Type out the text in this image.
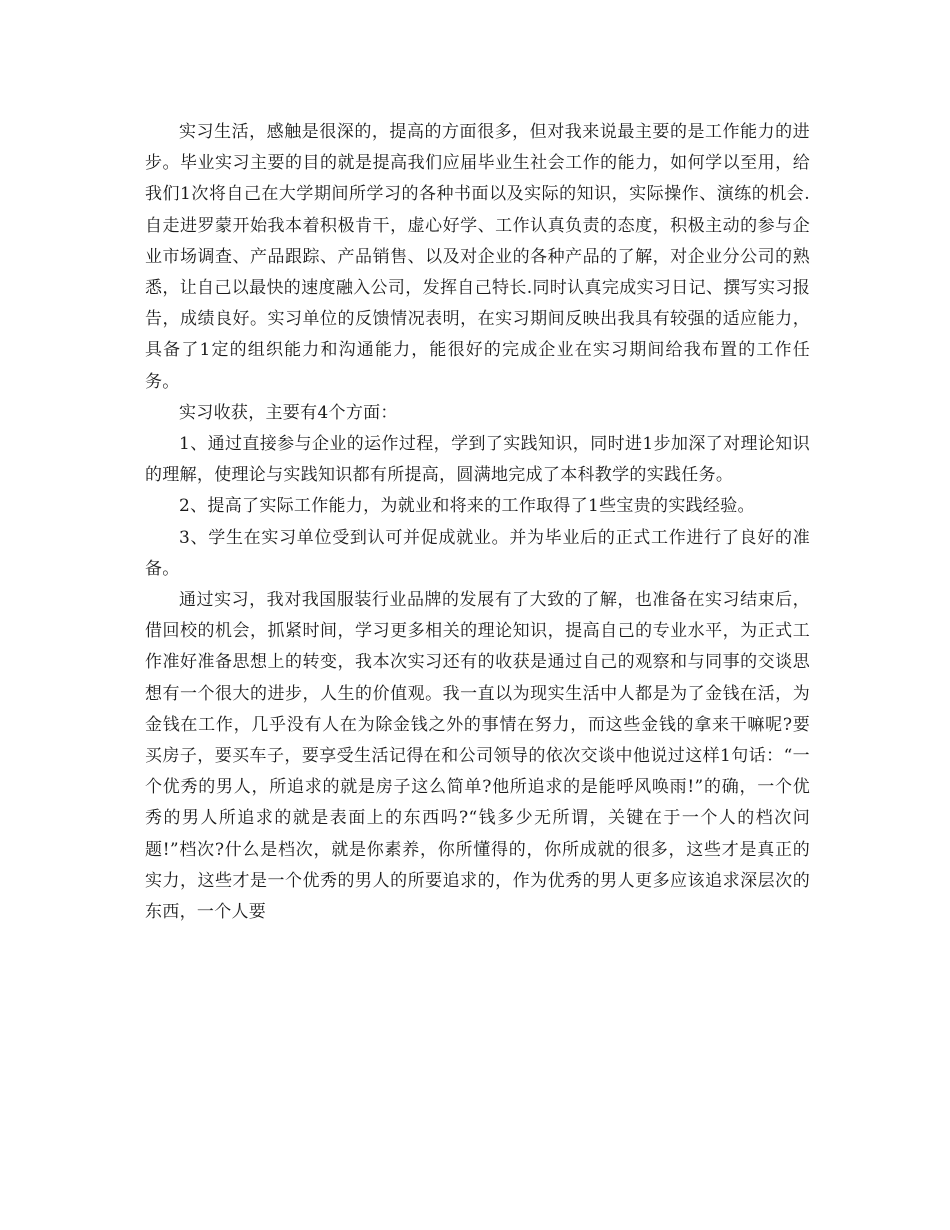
实习生活，感触是很深的，提高的方面很多，但对我来说最主要的是工作能力的进步。毕业实习主要的目的就是提高我们应届毕业生社会工作的能力，如何学以至用，给我们1次将自己在大学期间所学习的各种书面以及实际的知识，实际操作、演练的机会.自走进罗蒙开始我本着积极肯干，虚心好学、工作认真负责的态度，积极主动的参与企业市场调查、产品跟踪、产品销售、以及对企业的各种产品的了解，对企业分公司的熟悉，让自己以最快的速度融入公司，发挥自己特长.同时认真完成实习日记、撰写实习报告，成绩良好。实习单位的反馈情况表明，在实习期间反映出我具有较强的适应能力，具备了1定的组织能力和沟通能力，能很好的完成企业在实习期间给我布置的工作任务。

实习收获，主要有4个方面：

1、通过直接参与企业的运作过程，学到了实践知识，同时进1步加深了对理论知识的理解，使理论与实践知识都有所提高，圆满地完成了本科教学的实践任务。

2、提高了实际工作能力，为就业和将来的工作取得了1些宝贵的实践经验。

3、学生在实习单位受到认可并促成就业。并为毕业后的正式工作进行了良好的准备。

通过实习，我对我国服装行业品牌的发展有了大致的了解，也准备在实习结束后，借回校的机会，抓紧时间，学习更多相关的理论知识，提高自己的专业水平，为正式工作准好准备思想上的转变，我本次实习还有的收获是通过自己的观察和与同事的交谈思想有一个很大的进步，人生的价值观。我一直以为现实生活中人都是为了金钱在活，为金钱在工作，几乎没有人在为除金钱之外的事情在努力，而这些金钱的拿来干嘛呢?要买房子，要买车子，要享受生活记得在和公司领导的依次交谈中他说过这样1句话：“一个优秀的男人，所追求的就是房子这么简单?他所追求的是能呼风唤雨!”的确，一个优秀的男人所追求的就是表面上的东西吗?“钱多少无所谓，关键在于一个人的档次问题!”档次?什么是档次，就是你素养，你所懂得的，你所成就的很多，这些才是真正的实力，这些才是一个优秀的男人的所要追求的，作为优秀的男人更多应该追求深层次的东西，一个人要
